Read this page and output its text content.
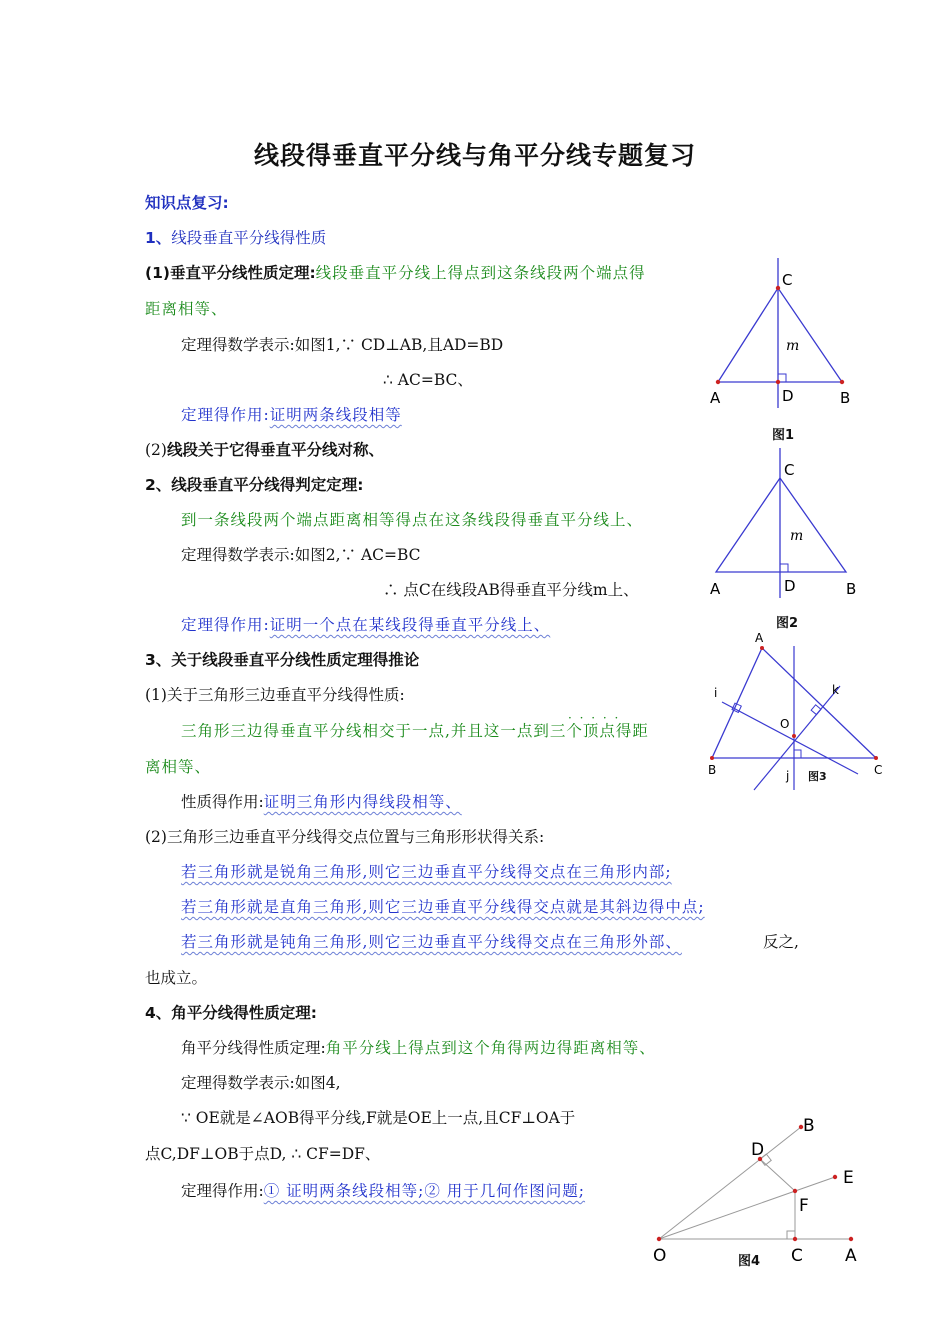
线段得垂直平分线与角平分线专题复习
知识点复习:
1、线段垂直平分线得性质
(1)垂直平分线性质定理:线段垂直平分线上得点到这条线段两个端点得
距离相等、
定理得数学表示:如图1,∵ CD⊥AB,且AD=BD
∴ AC=BC、
定理得作用:证明两条线段相等
(2)线段关于它得垂直平分线对称、
2、线段垂直平分线得判定定理:
到一条线段两个端点距离相等得点在这条线段得垂直平分线上、
定理得数学表示:如图2,∵ AC=BC
∴ 点C在线段AB得垂直平分线m上、
定理得作用:证明一个点在某线段得垂直平分线上、
3、关于线段垂直平分线性质定理得推论
(1)关于三角形三边垂直平分线得性质:
· · · · ·
三角形三边得垂直平分线相交于一点,并且这一点到三个顶点得距
离相等、
性质得作用:证明三角形内得线段相等、
(2)三角形三边垂直平分线得交点位置与三角形形状得关系:
若三角形就是锐角三角形,则它三边垂直平分线得交点在三角形内部;
若三角形就是直角三角形,则它三边垂直平分线得交点就是其斜边得中点;
若三角形就是钝角三角形,则它三边垂直平分线得交点在三角形外部、	反之,
也成立。
4、角平分线得性质定理:
角平分线得性质定理:角平分线上得点到这个角得两边得距离相等、
定理得数学表示:如图4,
∵ OE就是∠AOB得平分线,F就是OE上一点,且CF⊥OA于
点C,DF⊥OB于点D, ∴ CF=DF、
定理得作用:① 证明两条线段相等;② 用于几何作图问题;
C
A	D	B
m
图1
C
A	D	B
m
图2
A
B	C
O
i
j
k
图3
O	C A
B
D
E
F
图4
